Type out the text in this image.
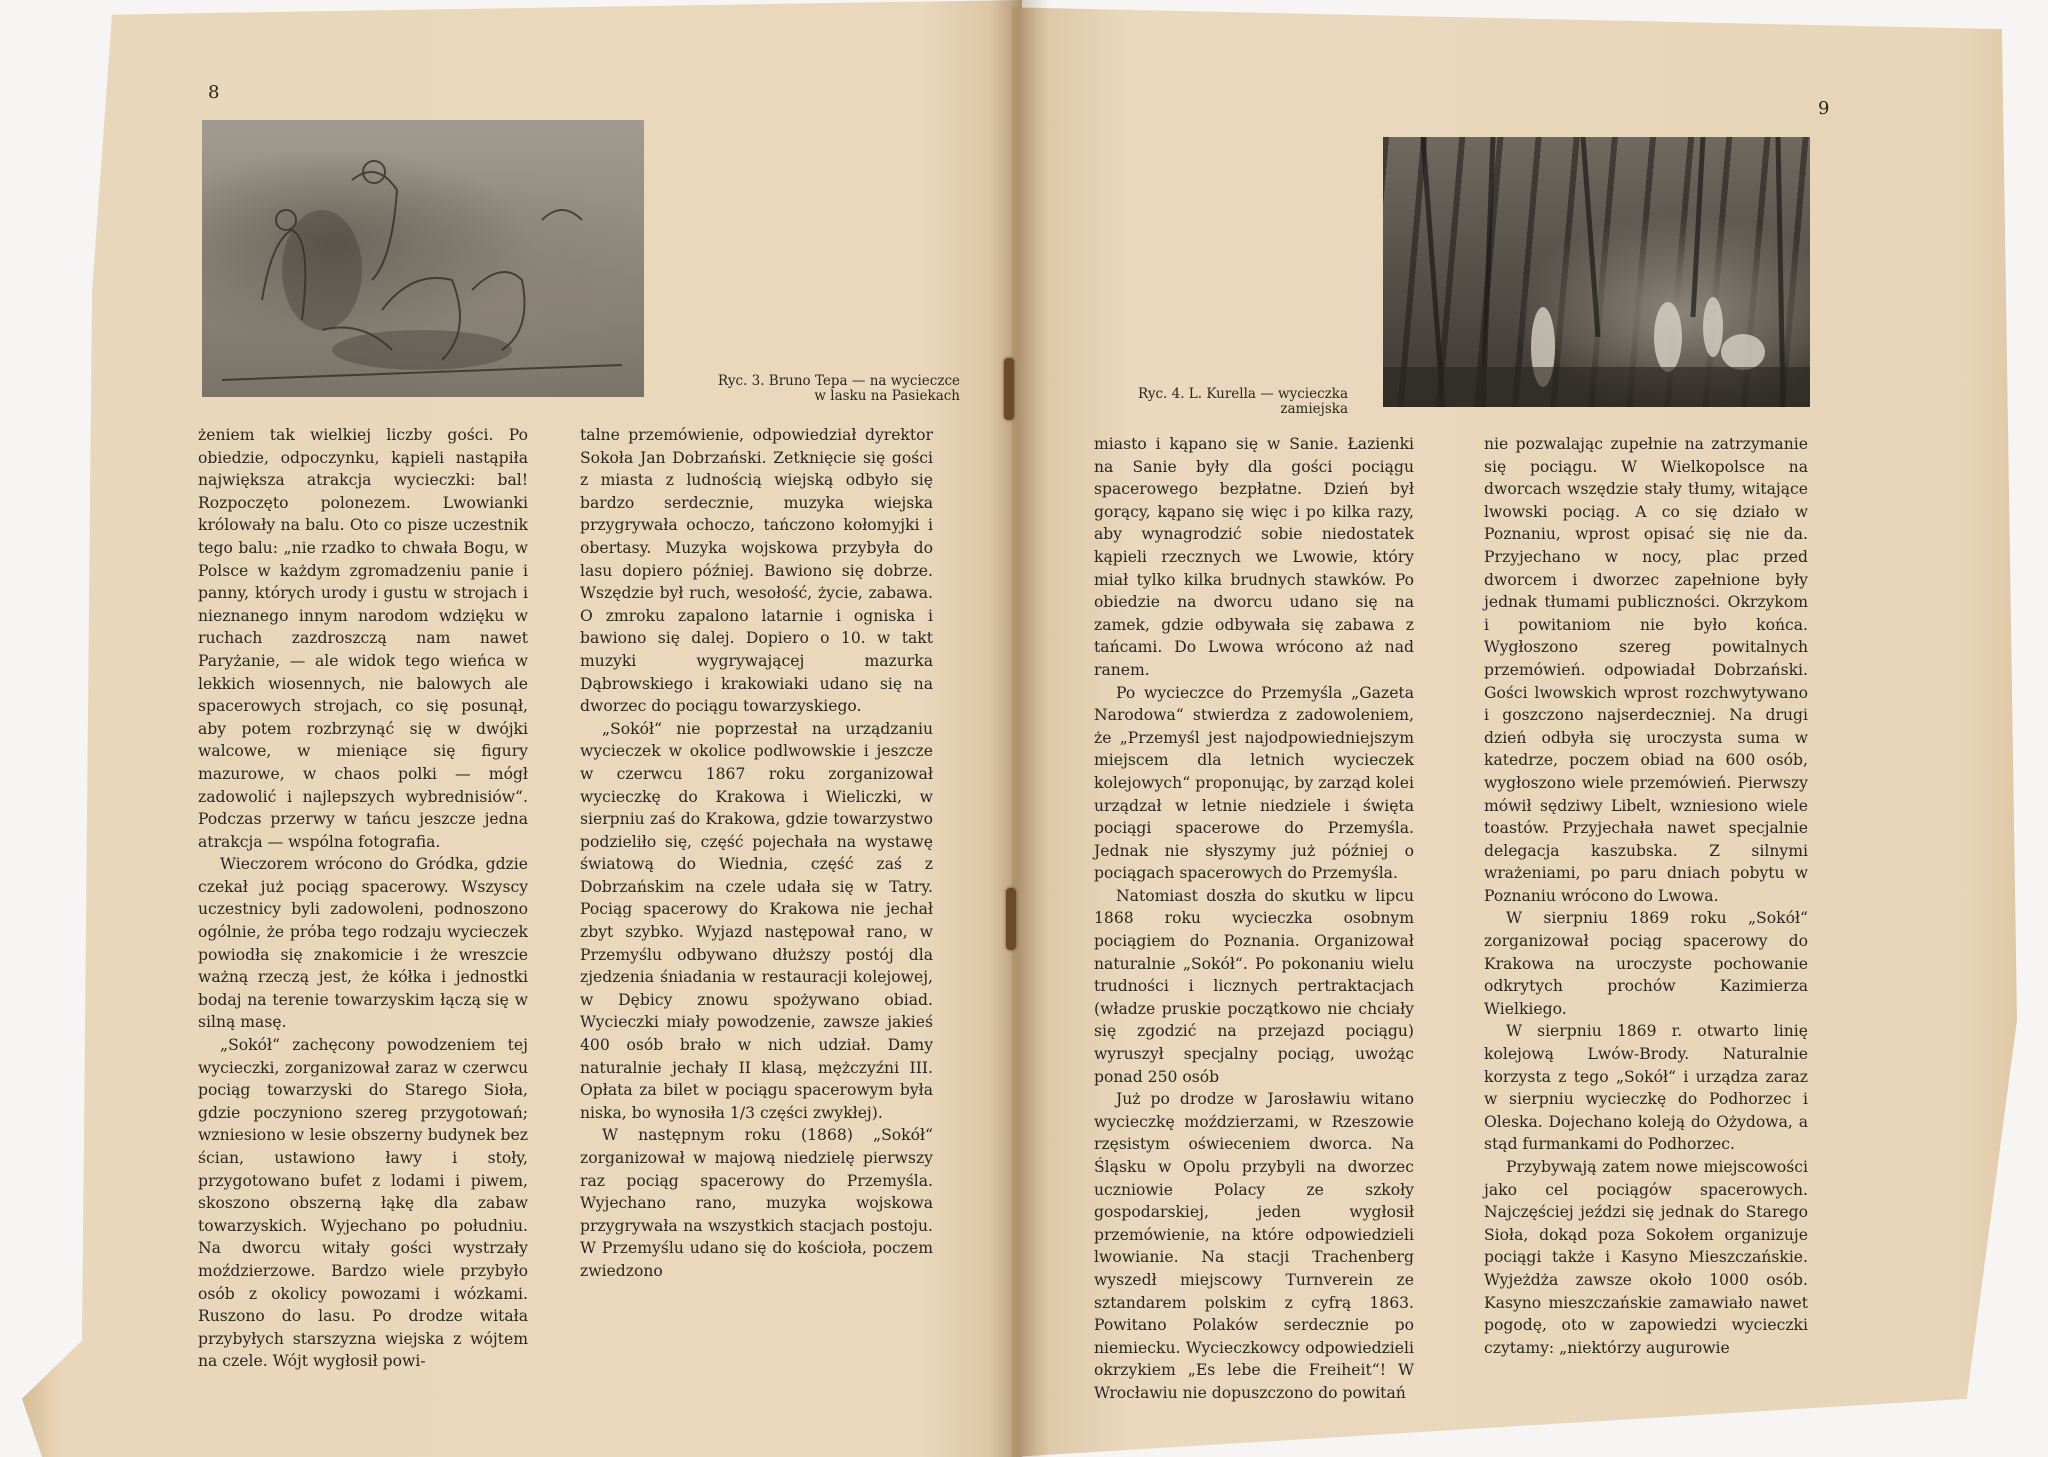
8
Ryc. 3. Bruno Tepa — na wycieczce
w lasku na Pasiekach

żeniem tak wielkiej liczby gości. Po obiedzie, odpoczynku, kąpieli nastąpiła największa atrakcja wycieczki: bal! Rozpoczęto polonezem. Lwowianki królowały na balu. Oto co pisze uczestnik tego balu: „nie rzadko to chwała Bogu, w Polsce w każdym zgromadzeniu panie i panny, których urody i gustu w strojach i nieznanego innym narodom wdzięku w ruchach zazdroszczą nam nawet Paryżanie, — ale widok tego wieńca w lekkich wiosennych, nie balowych ale spacerowych strojach, co się posunął, aby potem rozbrzynąć się w dwójki walcowe, w mieniące się figury mazurowe, w chaos polki — mógł zadowolić i najlepszych wybrednisiów“. Podczas przerwy w tańcu jeszcze jedna atrakcja — wspólna fotografia.

Wieczorem wrócono do Gródka, gdzie czekał już pociąg spacerowy. Wszyscy uczestnicy byli zadowoleni, podnoszono ogólnie, że próba tego rodzaju wycieczek powiodła się znakomicie i że wreszcie ważną rzeczą jest, że kółka i jednostki bodaj na terenie towarzyskim łączą się w silną masę.

„Sokół“ zachęcony powodzeniem tej wycieczki, zorganizował zaraz w czerwcu pociąg towarzyski do Starego Sioła, gdzie poczyniono szereg przygotowań; wzniesiono w lesie obszerny budynek bez ścian, ustawiono ławy i stoły, przygotowano bufet z lodami i piwem, skoszono obszerną łąkę dla zabaw towarzyskich. Wyjechano po południu. Na dworcu witały gości wystrzały moździerzowe. Bardzo wiele przybyło osób z okolicy powozami i wózkami. Ruszono do lasu. Po drodze witała przybyłych starszyzna wiejska z wójtem na czele. Wójt wygłosił powi-

talne przemówienie, odpowiedział dyrektor Sokoła Jan Dobrzański. Zetknięcie się gości z miasta z ludnością wiejską odbyło się bardzo serdecznie, muzyka wiejska przygrywała ochoczo, tańczono kołomyjki i obertasy. Muzyka wojskowa przybyła do lasu dopiero później. Bawiono się dobrze. Wszędzie był ruch, wesołość, życie, zabawa. O zmroku zapalono latarnie i ogniska i bawiono się dalej. Dopiero o 10. w takt muzyki wygrywającej mazurka Dąbrowskiego i krakowiaki udano się na dworzec do pociągu towarzyskiego.

„Sokół“ nie poprzestał na urządzaniu wycieczek w okolice podlwowskie i jeszcze w czerwcu 1867 roku zorganizował wycieczkę do Krakowa i Wieliczki, w sierpniu zaś do Krakowa, gdzie towarzystwo podzieliło się, część pojechała na wystawę światową do Wiednia, część zaś z Dobrzańskim na czele udała się w Tatry. Pociąg spacerowy do Krakowa nie jechał zbyt szybko. Wyjazd następował rano, w Przemyślu odbywano dłuższy postój dla zjedzenia śniadania w restauracji kolejowej, w Dębicy znowu spożywano obiad. Wycieczki miały powodzenie, zawsze jakieś 400 osób brało w nich udział. Damy naturalnie jechały II klasą, mężczyźni III. Opłata za bilet w pociągu spacerowym była niska, bo wynosiła 1/3 części zwykłej).

W następnym roku (1868) „Sokół“ zorganizował w majową niedzielę pierwszy raz pociąg spacerowy do Przemyśla. Wyjechano rano, muzyka wojskowa przygrywała na wszystkich stacjach postoju. W Przemyślu udano się do kościoła, poczem zwiedzono

9
Ryc. 4. L. Kurella — wycieczka
zamiejska

miasto i kąpano się w Sanie. Łazienki na Sanie były dla gości pociągu spacerowego bezpłatne. Dzień był gorący, kąpano się więc i po kilka razy, aby wynagrodzić sobie niedostatek kąpieli rzecznych we Lwowie, który miał tylko kilka brudnych stawków. Po obiedzie na dworcu udano się na zamek, gdzie odbywała się zabawa z tańcami. Do Lwowa wrócono aż nad ranem.

Po wycieczce do Przemyśla „Gazeta Narodowa“ stwierdza z zadowoleniem, że „Przemyśl jest najodpowiedniejszym miejscem dla letnich wycieczek kolejowych“ proponując, by zarząd kolei urządzał w letnie niedziele i święta pociągi spacerowe do Przemyśla. Jednak nie słyszymy już później o pociągach spacerowych do Przemyśla.

Natomiast doszła do skutku w lipcu 1868 roku wycieczka osobnym pociągiem do Poznania. Organizował naturalnie „Sokół“. Po pokonaniu wielu trudności i licznych pertraktacjach (władze pruskie początkowo nie chciały się zgodzić na przejazd pociągu) wyruszył specjalny pociąg, uwożąc ponad 250 osób

Już po drodze w Jarosławiu witano wycieczkę moździerzami, w Rzeszowie rzęsistym oświeceniem dworca. Na Śląsku w Opolu przybyli na dworzec uczniowie Polacy ze szkoły gospodarskiej, jeden wygłosił przemówienie, na które odpowiedzieli lwowianie. Na stacji Trachenberg wyszedł miejscowy Turnverein ze sztandarem polskim z cyfrą 1863. Powitano Polaków serdecznie po niemiecku. Wycieczkowcy odpowiedzieli okrzykiem „Es lebe die Freiheit“! W Wrocławiu nie dopuszczono do powitań

nie pozwalając zupełnie na zatrzymanie się pociągu. W Wielkopolsce na dworcach wszędzie stały tłumy, witające lwowski pociąg. A co się działo w Poznaniu, wprost opisać się nie da. Przyjechano w nocy, plac przed dworcem i dworzec zapełnione były jednak tłumami publiczności. Okrzykom i powitaniom nie było końca. Wygłoszono szereg powitalnych przemówień. odpowiadał Dobrzański. Gości lwowskich wprost rozchwytywano i goszczono najserdeczniej. Na drugi dzień odbyła się uroczysta suma w katedrze, poczem obiad na 600 osób, wygłoszono wiele przemówień. Pierwszy mówił sędziwy Libelt, wzniesiono wiele toastów. Przyjechała nawet specjalnie delegacja kaszubska. Z silnymi wrażeniami, po paru dniach pobytu w Poznaniu wrócono do Lwowa.

W sierpniu 1869 roku „Sokół“ zorganizował pociąg spacerowy do Krakowa na uroczyste pochowanie odkrytych prochów Kazimierza Wielkiego.

W sierpniu 1869 r. otwarto linię kolejową Lwów-Brody. Naturalnie korzysta z tego „Sokół“ i urządza zaraz w sierpniu wycieczkę do Podhorzec i Oleska. Dojechano koleją do Ożydowa, a stąd furmankami do Podhorzec.

Przybywają zatem nowe miejscowości jako cel pociągów spacerowych. Najczęściej jeździ się jednak do Starego Sioła, dokąd poza Sokołem organizuje pociągi także i Kasyno Mieszczańskie. Wyjeżdża zawsze około 1000 osób. Kasyno mieszczańskie zamawiało nawet pogodę, oto w zapowiedzi wycieczki czytamy: „niektórzy augurowie
